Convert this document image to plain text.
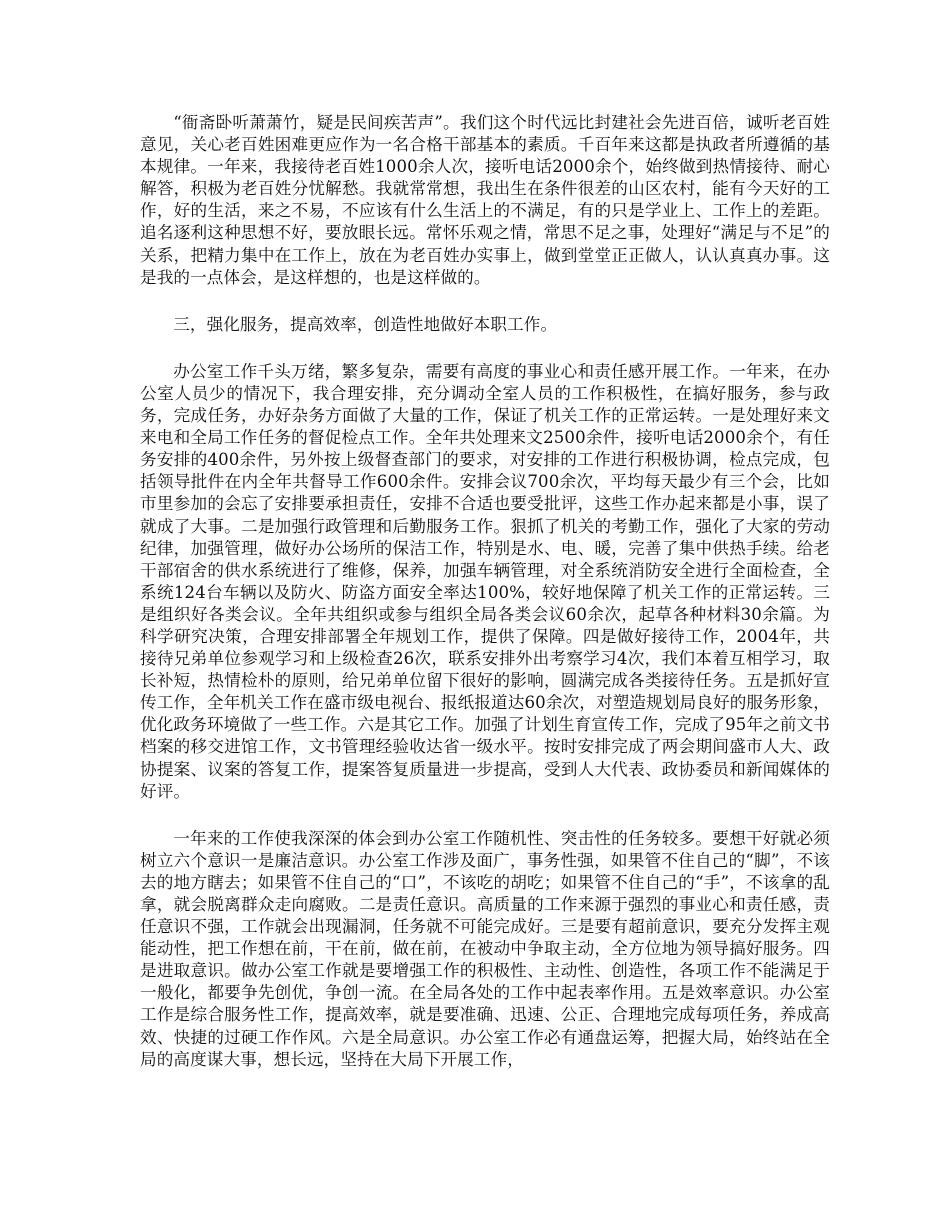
“衙斋卧听萧萧竹，疑是民间疾苦声”。我们这个时代远比封建社会先进百倍，诚听老百姓意见，关心老百姓困难更应作为一名合格干部基本的素质。千百年来这都是执政者所遵循的基本规律。一年来，我接待老百姓1000余人次，接听电话2000余个，始终做到热情接待、耐心解答，积极为老百姓分忧解愁。我就常常想，我出生在条件很差的山区农村，能有今天好的工作，好的生活，来之不易，不应该有什么生活上的不满足，有的只是学业上、工作上的差距。追名逐利这种思想不好，要放眼长远。常怀乐观之情，常思不足之事，处理好“满足与不足”的关系，把精力集中在工作上，放在为老百姓办实事上，做到堂堂正正做人，认认真真办事。这是我的一点体会，是这样想的，也是这样做的。

三，强化服务，提高效率，创造性地做好本职工作。

办公室工作千头万绪，繁多复杂，需要有高度的事业心和责任感开展工作。一年来，在办公室人员少的情况下，我合理安排，充分调动全室人员的工作积极性，在搞好服务，参与政务，完成任务，办好杂务方面做了大量的工作，保证了机关工作的正常运转。一是处理好来文来电和全局工作任务的督促检点工作。全年共处理来文2500余件，接听电话2000余个，有任务安排的400余件，另外按上级督查部门的要求，对安排的工作进行积极协调，检点完成，包括领导批件在内全年共督导工作600余件。安排会议700余次，平均每天最少有三个会，比如市里参加的会忘了安排要承担责任，安排不合适也要受批评，这些工作办起来都是小事，误了就成了大事。二是加强行政管理和后勤服务工作。狠抓了机关的考勤工作，强化了大家的劳动纪律，加强管理，做好办公场所的保洁工作，特别是水、电、暖，完善了集中供热手续。给老干部宿舍的供水系统进行了维修，保养，加强车辆管理，对全系统消防安全进行全面检查，全系统124台车辆以及防火、防盗方面安全率达100%，较好地保障了机关工作的正常运转。三是组织好各类会议。全年共组织或参与组织全局各类会议60余次，起草各种材料30余篇。为科学研究决策，合理安排部署全年规划工作，提供了保障。四是做好接待工作，2004年，共接待兄弟单位参观学习和上级检查26次，联系安排外出考察学习4次，我们本着互相学习，取长补短，热情检朴的原则，给兄弟单位留下很好的影响，圆满完成各类接待任务。五是抓好宣传工作，全年机关工作在盛市级电视台、报纸报道达60余次，对塑造规划局良好的服务形象，优化政务环境做了一些工作。六是其它工作。加强了计划生育宣传工作，完成了95年之前文书档案的移交进馆工作，文书管理经验收达省一级水平。按时安排完成了两会期间盛市人大、政协提案、议案的答复工作，提案答复质量进一步提高，受到人大代表、政协委员和新闻媒体的好评。

一年来的工作使我深深的体会到办公室工作随机性、突击性的任务较多。要想干好就必须树立六个意识一是廉洁意识。办公室工作涉及面广，事务性强，如果管不住自己的“脚”，不该去的地方瞎去；如果管不住自己的“口”，不该吃的胡吃；如果管不住自己的“手”，不该拿的乱拿，就会脱离群众走向腐败。二是责任意识。高质量的工作来源于强烈的事业心和责任感，责任意识不强，工作就会出现漏洞，任务就不可能完成好。三是要有超前意识，要充分发挥主观能动性，把工作想在前，干在前，做在前，在被动中争取主动，全方位地为领导搞好服务。四是进取意识。做办公室工作就是要增强工作的积极性、主动性、创造性，各项工作不能满足于一般化，都要争先创优，争创一流。在全局各处的工作中起表率作用。五是效率意识。办公室工作是综合服务性工作，提高效率，就是要准确、迅速、公正、合理地完成每项任务，养成高效、快捷的过硬工作作风。六是全局意识。办公室工作必有通盘运筹，把握大局，始终站在全局的高度谋大事，想长远，坚持在大局下开展工作，
